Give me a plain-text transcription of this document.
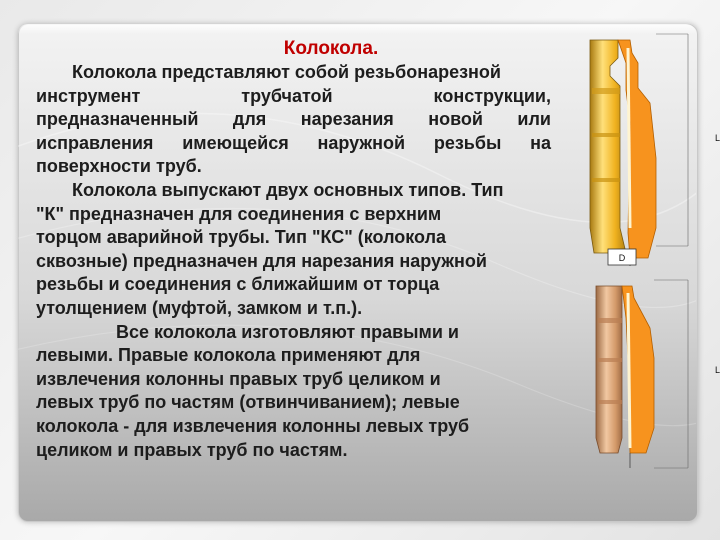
Колокола.
Колокола представляют собой резьбонарезной
инструмент трубчатой конструкции,
предназначенный для нарезания новой или
исправления имеющейся наружной резьбы на
поверхности труб.
Колокола выпускают двух основных типов. Тип
"К" предназначен для соединения с верхним
торцом аварийной трубы. Тип "КС" (колокола
сквозные) предназначен для нарезания наружной
резьбы и соединения с ближайшим от торца
утолщением (муфтой, замком и т.п.).
Все колокола изготовляют правыми и
левыми. Правые колокола применяют для
извлечения колонны правых труб целиком и
левых труб по частям (отвинчиванием); левые
колокола - для извлечения колонны левых труб
целиком и правых труб по частям.
D
L
L
